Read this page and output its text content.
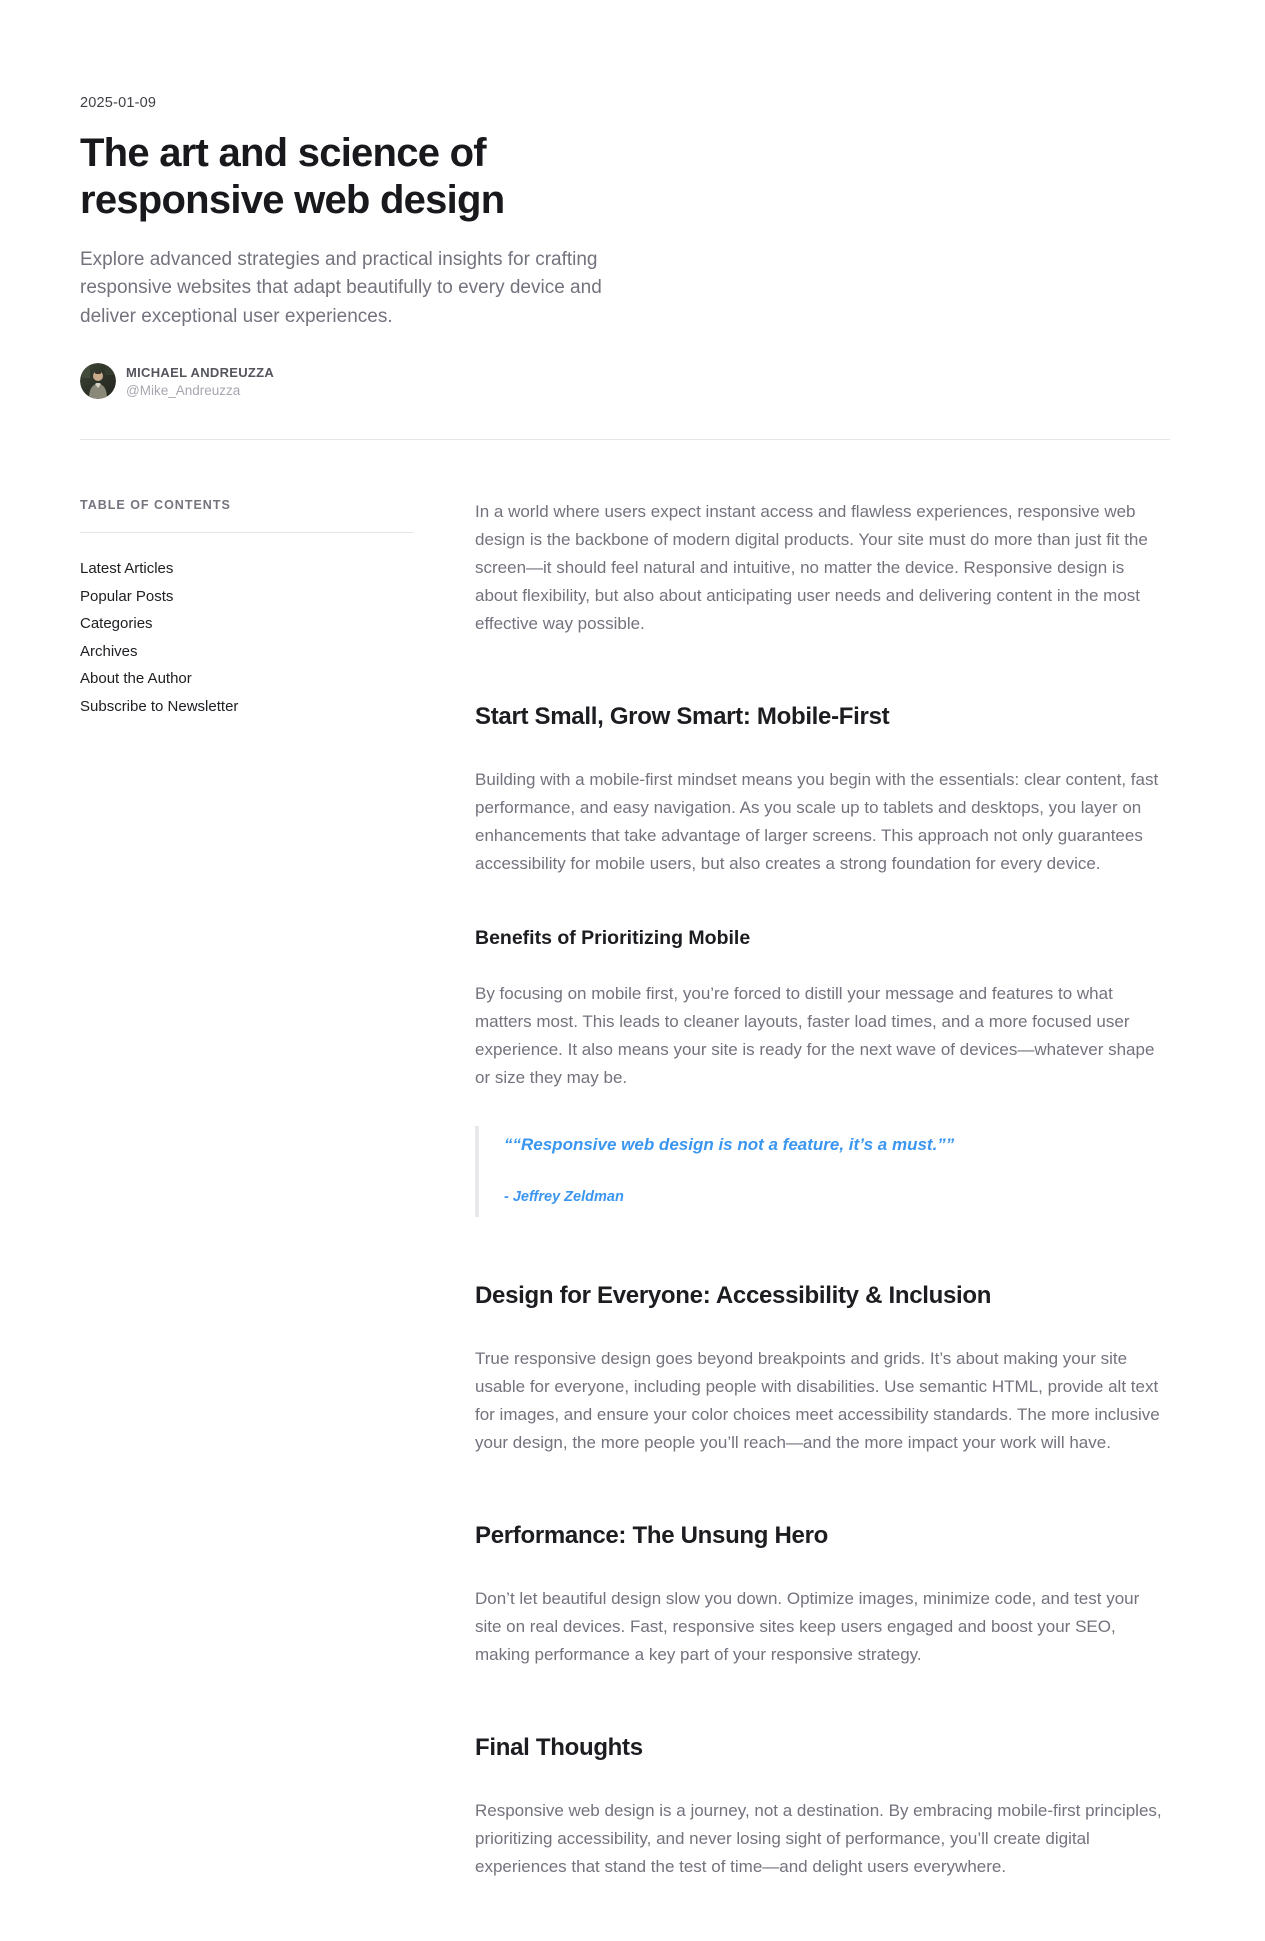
2025-01-09
The art and science of responsive web design

Explore advanced strategies and practical insights for crafting responsive websites that adapt beautifully to every device and deliver exceptional user experiences.

MICHAEL ANDREUZZA
@Mike_Andreuzza
TABLE OF CONTENTS
Latest Articles
Popular Posts
Categories
Archives
About the Author
Subscribe to Newsletter

In a world where users expect instant access and flawless experiences, responsive web design is the backbone of modern digital products. Your site must do more than just fit the screen—it should feel natural and intuitive, no matter the device. Responsive design is about flexibility, but also about anticipating user needs and delivering content in the most effective way possible.

Start Small, Grow Smart: Mobile-First

Building with a mobile-first mindset means you begin with the essentials: clear content, fast performance, and easy navigation. As you scale up to tablets and desktops, you layer on enhancements that take advantage of larger screens. This approach not only guarantees accessibility for mobile users, but also creates a strong foundation for every device.

Benefits of Prioritizing Mobile

By focusing on mobile first, you’re forced to distill your message and features to what matters most. This leads to cleaner layouts, faster load times, and a more focused user experience. It also means your site is ready for the next wave of devices—whatever shape or size they may be.

““Responsive web design is not a feature, it’s a must.””
- Jeffrey Zeldman
Design for Everyone: Accessibility & Inclusion

True responsive design goes beyond breakpoints and grids. It’s about making your site usable for everyone, including people with disabilities. Use semantic HTML, provide alt text for images, and ensure your color choices meet accessibility standards. The more inclusive your design, the more people you’ll reach—and the more impact your work will have.

Performance: The Unsung Hero

Don’t let beautiful design slow you down. Optimize images, minimize code, and test your site on real devices. Fast, responsive sites keep users engaged and boost your SEO, making performance a key part of your responsive strategy.

Final Thoughts

Responsive web design is a journey, not a destination. By embracing mobile-first principles, prioritizing accessibility, and never losing sight of performance, you’ll create digital experiences that stand the test of time—and delight users everywhere.
